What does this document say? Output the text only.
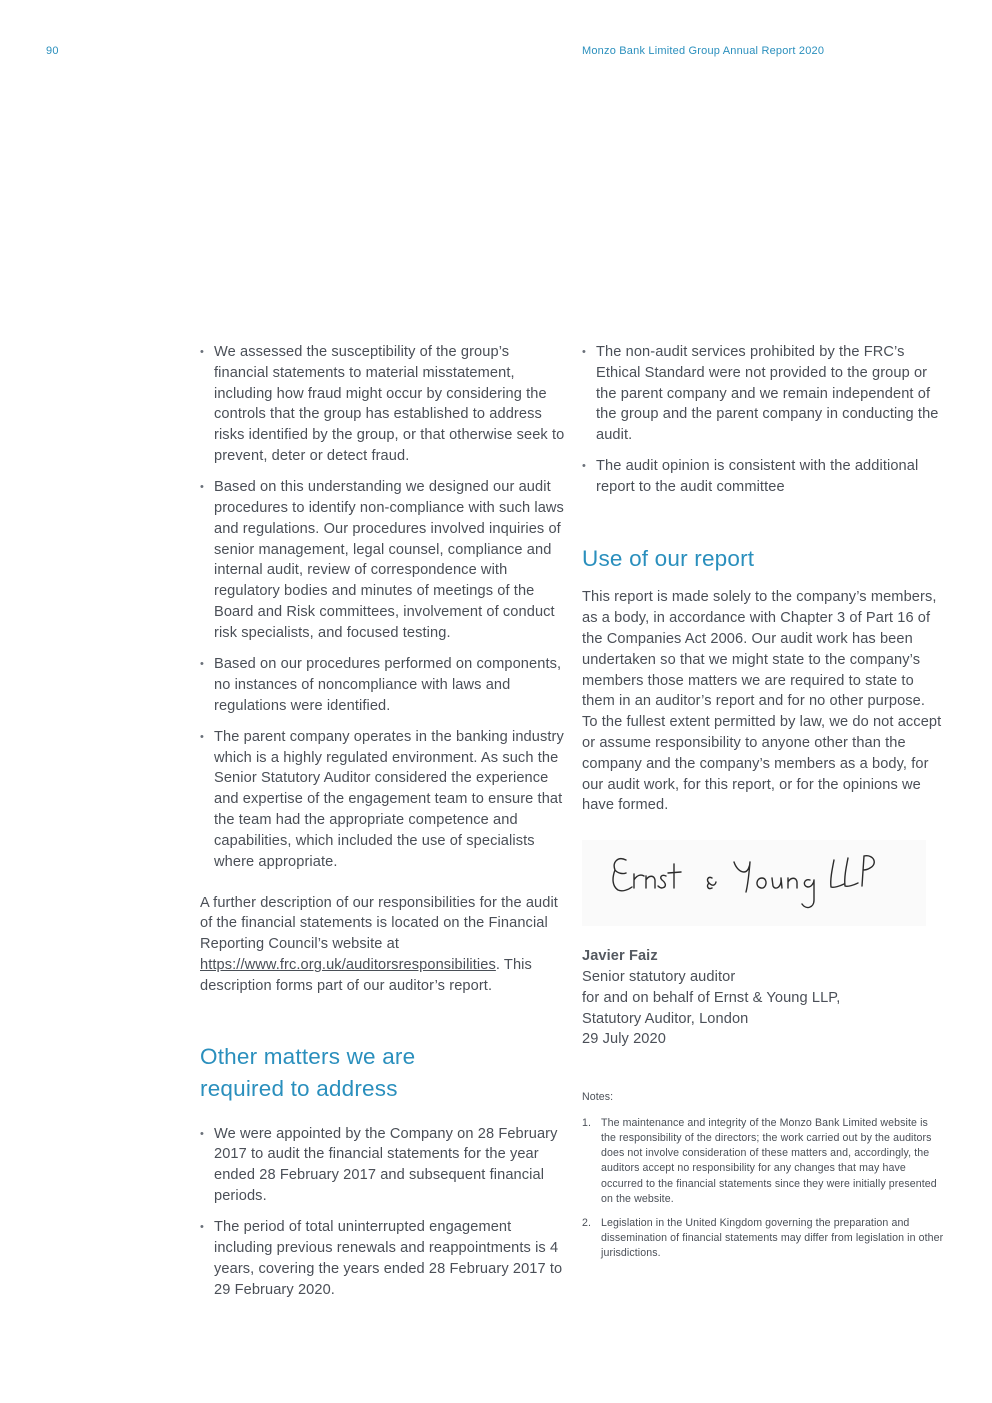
90	Monzo Bank Limited Group Annual Report 2020
• We assessed the susceptibility of the group’s financial statements to material misstatement, including how fraud might occur by considering the controls that the group has established to address risks identified by the group, or that otherwise seek to prevent, deter or detect fraud.
• Based on this understanding we designed our audit procedures to identify non-compliance with such laws and regulations. Our procedures involved inquiries of senior management, legal counsel, compliance and internal audit, review of correspondence with regulatory bodies and minutes of meetings of the Board and Risk committees, involvement of conduct risk specialists, and focused testing.
• Based on our procedures performed on components, no instances of noncompliance with laws and regulations were identified.
• The parent company operates in the banking industry which is a highly regulated environment. As such the Senior Statutory Auditor considered the experience and expertise of the engagement team to ensure that the team had the appropriate competence and capabilities, which included the use of specialists where appropriate.

A further description of our responsibilities for the audit of the financial statements is located on the Financial Reporting Council’s website at https://www.frc.org.uk/auditorsresponsibilities. This description forms part of our auditor’s report.

Other matters we are
required to address
• We were appointed by the Company on 28 February 2017 to audit the financial statements for the year ended 28 February 2017 and subsequent financial periods.
• The period of total uninterrupted engagement including previous renewals and reappointments is 4 years, covering the years ended 28 February 2017 to 29 February 2020.
• The non-audit services prohibited by the FRC’s Ethical Standard were not provided to the group or the parent company and we remain independent of the group and the parent company in conducting the audit.
• The audit opinion is consistent with the additional report to the audit committee
Use of our report

This report is made solely to the company’s members, as a body, in accordance with Chapter 3 of Part 16 of the Companies Act 2006. Our audit work has been undertaken so that we might state to the company’s members those matters we are required to state to them in an auditor’s report and for no other purpose. To the fullest extent permitted by law, we do not accept or assume responsibility to anyone other than the company and the company’s members as a body, for our audit work, for this report, or for the opinions we have formed.

Javier Faiz
Senior statutory auditor
for and on behalf of Ernst & Young LLP,
Statutory Auditor, London
29 July 2020
Notes:
1. The maintenance and integrity of the Monzo Bank Limited website is the responsibility of the directors; the work carried out by the auditors does not involve consideration of these matters and, accordingly, the auditors accept no responsibility for any changes that may have occurred to the financial statements since they were initially presented on the website.
2. Legislation in the United Kingdom governing the preparation and dissemination of financial statements may differ from legislation in other jurisdictions.
